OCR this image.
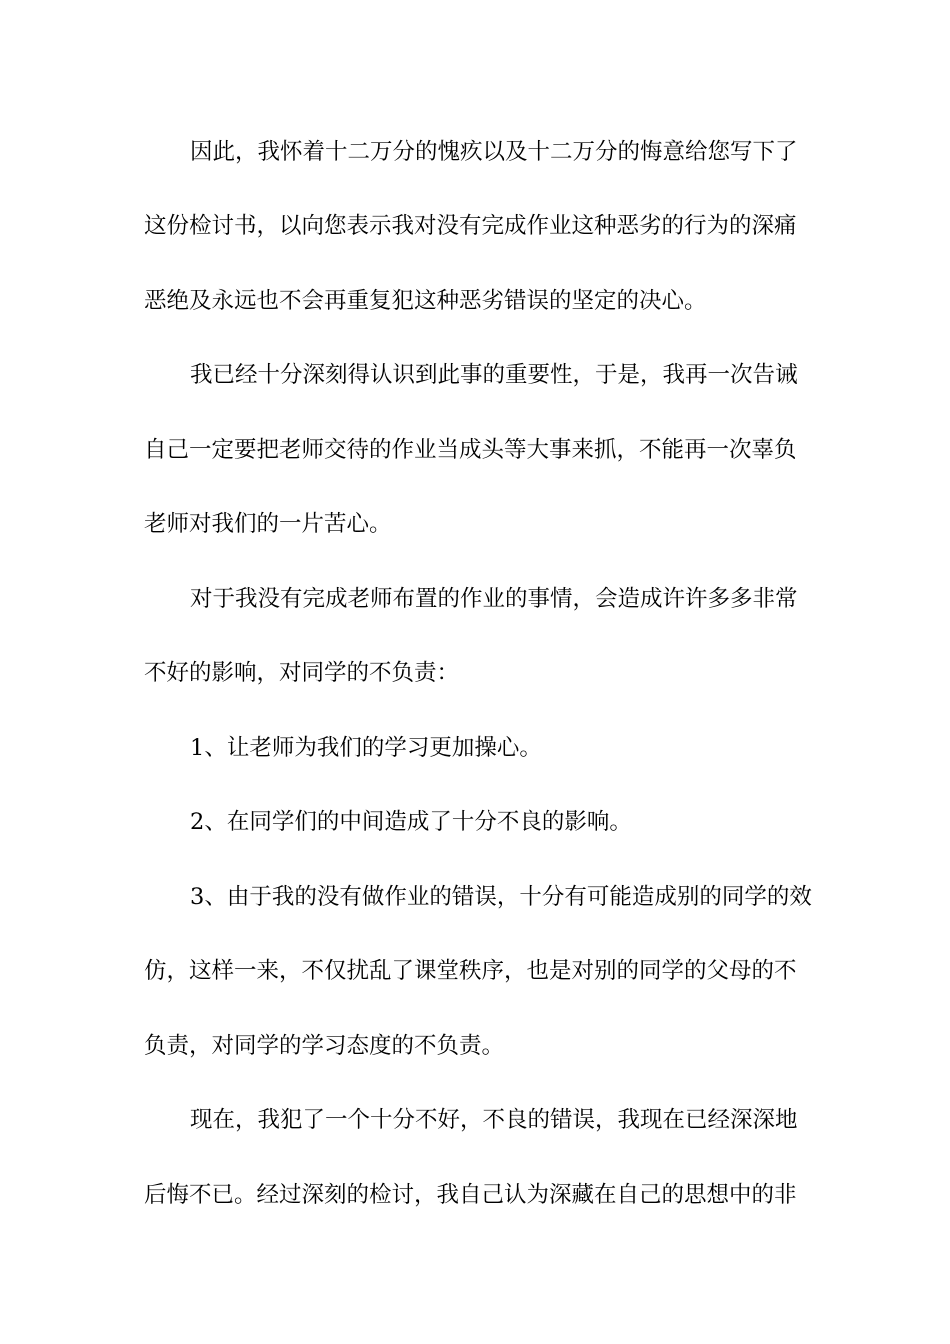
因此，我怀着十二万分的愧疚以及十二万分的悔意给您写下了
这份检讨书，以向您表示我对没有完成作业这种恶劣的行为的深痛
恶绝及永远也不会再重复犯这种恶劣错误的坚定的决心。
我已经十分深刻得认识到此事的重要性，于是，我再一次告诫
自己一定要把老师交待的作业当成头等大事来抓，不能再一次辜负
老师对我们的一片苦心。
对于我没有完成老师布置的作业的事情，会造成许许多多非常
不好的影响，对同学的不负责：
1、让老师为我们的学习更加操心。
2、在同学们的中间造成了十分不良的影响。
3、由于我的没有做作业的错误，十分有可能造成别的同学的效
仿，这样一来，不仅扰乱了课堂秩序，也是对别的同学的父母的不
负责，对同学的学习态度的不负责。
现在，我犯了一个十分不好，不良的错误，我现在已经深深地
后悔不已。经过深刻的检讨，我自己认为深藏在自己的思想中的非
